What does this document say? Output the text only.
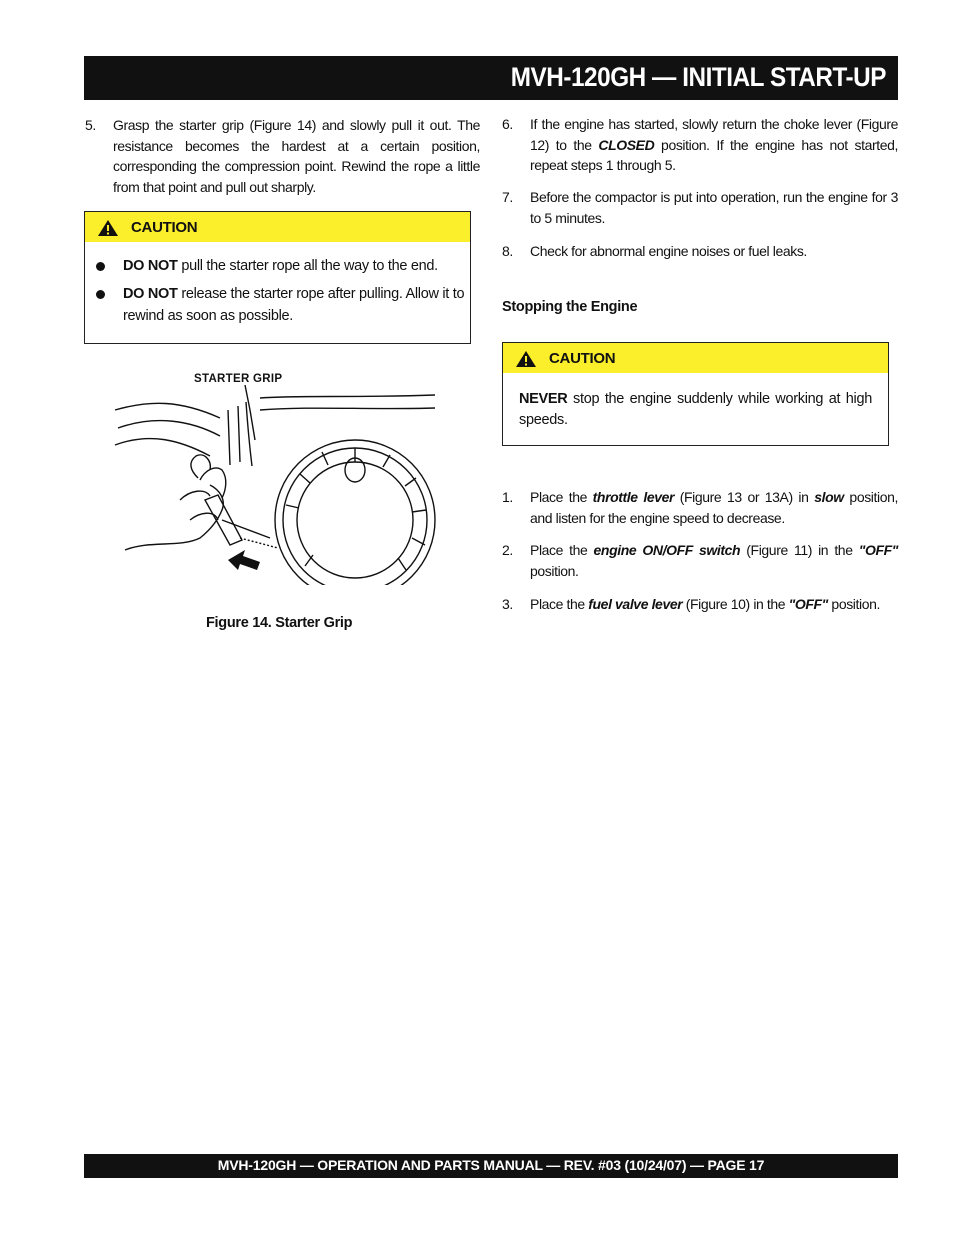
MVH-120GH — INITIAL START-UP
5. Grasp the starter grip (Figure 14) and slowly pull it out. The resistance becomes the hardest at a certain position, corresponding the compression point. Rewind the rope a little from that point and pull out sharply.
CAUTION
DO NOT pull the starter rope all the way to the end.
DO NOT release the starter rope after pulling. Allow it to rewind as soon as possible.
STARTER GRIP
Figure 14. Starter Grip
6. If the engine has started, slowly return the choke lever (Figure 12) to the CLOSED position. If the engine has not started, repeat steps 1 through 5.
7. Before the compactor is put into operation, run the engine for 3 to 5 minutes.
8. Check for abnormal engine noises or fuel leaks.
Stopping the Engine
CAUTION
NEVER stop the engine suddenly while working at high speeds.
1. Place the throttle lever (Figure 13 or 13A) in slow position, and listen for the engine speed to decrease.
2. Place the engine ON/OFF switch (Figure 11) in the "OFF" position.
3. Place the fuel valve lever (Figure 10) in the "OFF" position.
MVH-120GH — OPERATION AND PARTS MANUAL — REV. #03 (10/24/07) — PAGE 17
